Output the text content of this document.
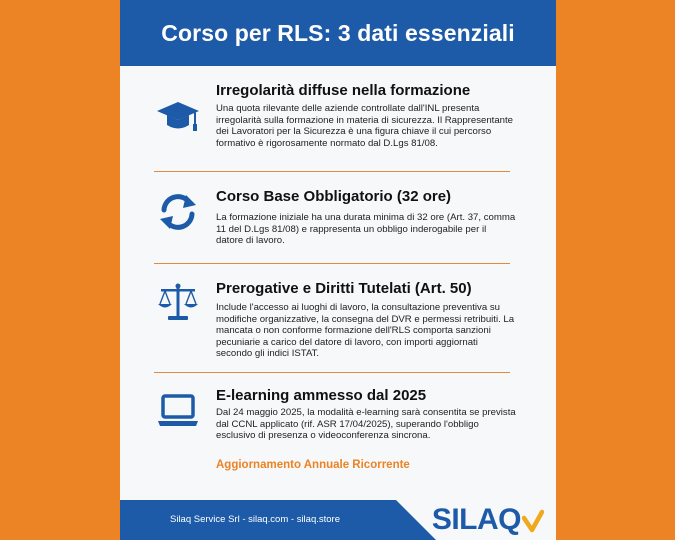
Corso per RLS: 3 dati essenziali
Irregolarità diffuse nella formazione

Una quota rilevante delle aziende controllate dall'INL presenta irregolarità sulla formazione in materia di sicurezza. Il Rappresentante dei Lavoratori per la Sicurezza è una figura chiave il cui percorso formativo è rigorosamente normato dal D.Lgs 81/08.

Corso Base Obbligatorio (32 ore)

La formazione iniziale ha una durata minima di 32 ore (Art. 37, comma 11 del D.Lgs 81/08) e rappresenta un obbligo inderogabile per il datore di lavoro.

Prerogative e Diritti Tutelati (Art. 50)

Include l'accesso ai luoghi di lavoro, la consultazione preventiva su modifiche organizzative, la consegna del DVR e permessi retribuiti. La mancata o non conforme formazione dell'RLS comporta sanzioni pecuniarie a carico del datore di lavoro, con importi aggiornati secondo gli indici ISTAT.

E-learning ammesso dal 2025

Dal 24 maggio 2025, la modalità e-learning sarà consentita se prevista dal CCNL applicato (rif. ASR 17/04/2025), superando l'obbligo esclusivo di presenza o videoconferenza sincrona.

Aggiornamento Annuale Ricorrente

Silaq Service Srl - silaq.com - silaq.store	SILAQ
